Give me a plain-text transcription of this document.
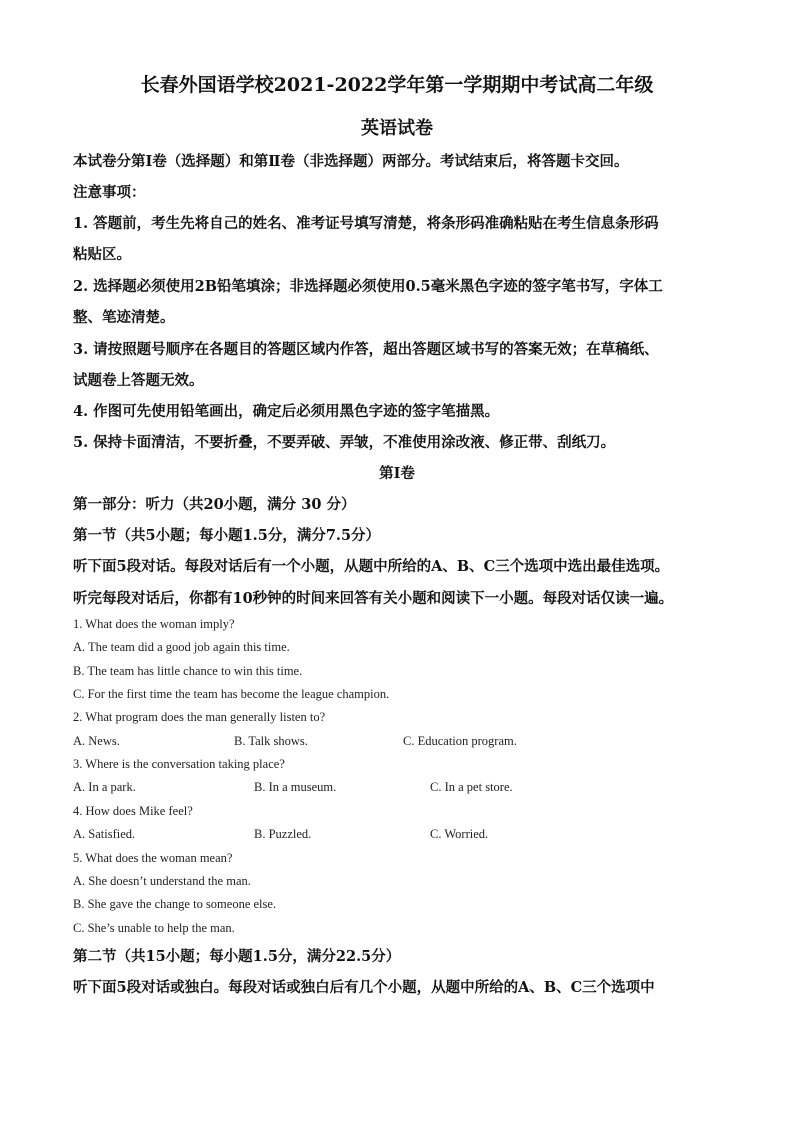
长春外国语学校2021-2022学年第一学期期中考试高二年级
英语试卷
本试卷分第Ⅰ卷（选择题）和第Ⅱ卷（非选择题）两部分。考试结束后，将答题卡交回。
注意事项：
1. 答题前，考生先将自己的姓名、准考证号填写清楚，将条形码准确粘贴在考生信息条形码
粘贴区。
2. 选择题必须使用2B铅笔填涂；非选择题必须使用0.5毫米黑色字迹的签字笔书写，字体工
整、笔迹清楚。
3. 请按照题号顺序在各题目的答题区域内作答，超出答题区域书写的答案无效；在草稿纸、
试题卷上答题无效。
4. 作图可先使用铅笔画出，确定后必须用黑色字迹的签字笔描黑。
5. 保持卡面清洁，不要折叠，不要弄破、弄皱，不准使用涂改液、修正带、刮纸刀。
第Ⅰ卷
第一部分：听力（共20小题，满分 30 分）
第一节（共5小题；每小题1.5分，满分7.5分）
听下面5段对话。每段对话后有一个小题，从题中所给的A、B、C三个选项中选出最佳选项。
听完每段对话后，你都有10秒钟的时间来回答有关小题和阅读下一小题。每段对话仅读一遍。
1. What does the woman imply?
A. The team did a good job again this time.
B. The team has little chance to win this time.
C. For the first time the team has become the league champion.
2. What program does the man generally listen to?
A. News.	B. Talk shows.	C. Education program.
3. Where is the conversation taking place?
A. In a park.	B. In a museum.	C. In a pet store.
4. How does Mike feel?
A. Satisfied.	B. Puzzled.	C. Worried.
5. What does the woman mean?
A. She doesn’t understand the man.
B. She gave the change to someone else.
C. She’s unable to help the man.
第二节（共15小题；每小题1.5分，满分22.5分）
听下面5段对话或独白。每段对话或独白后有几个小题，从题中所给的A、B、C三个选项中
